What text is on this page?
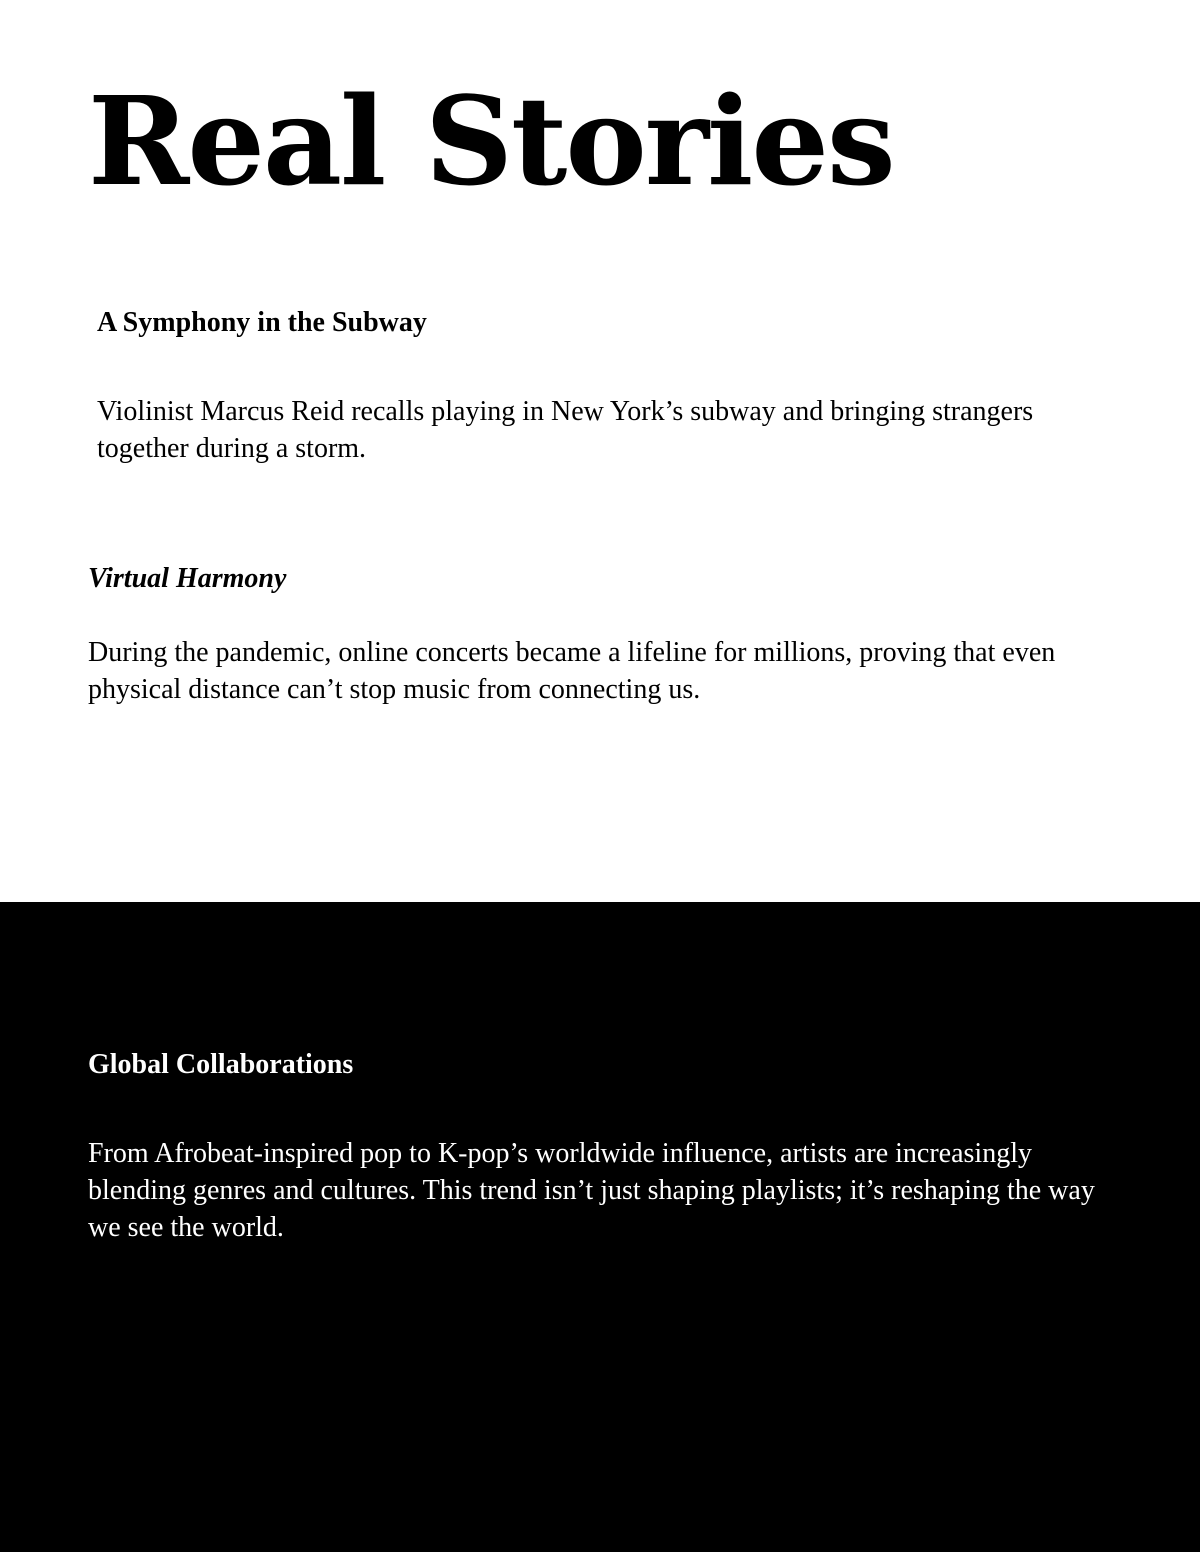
Real Stories
A Symphony in the Subway

Violinist Marcus Reid recalls playing in New York’s subway and bringing strangers together during a storm.

Virtual Harmony

During the pandemic, online concerts became a lifeline for millions, proving that even physical distance can’t stop music from connecting us.

Global Collaborations

From Afrobeat-inspired pop to K-pop’s worldwide influence, artists are increasingly blending genres and cultures. This trend isn’t just shaping playlists; it’s reshaping the way we see the world.
